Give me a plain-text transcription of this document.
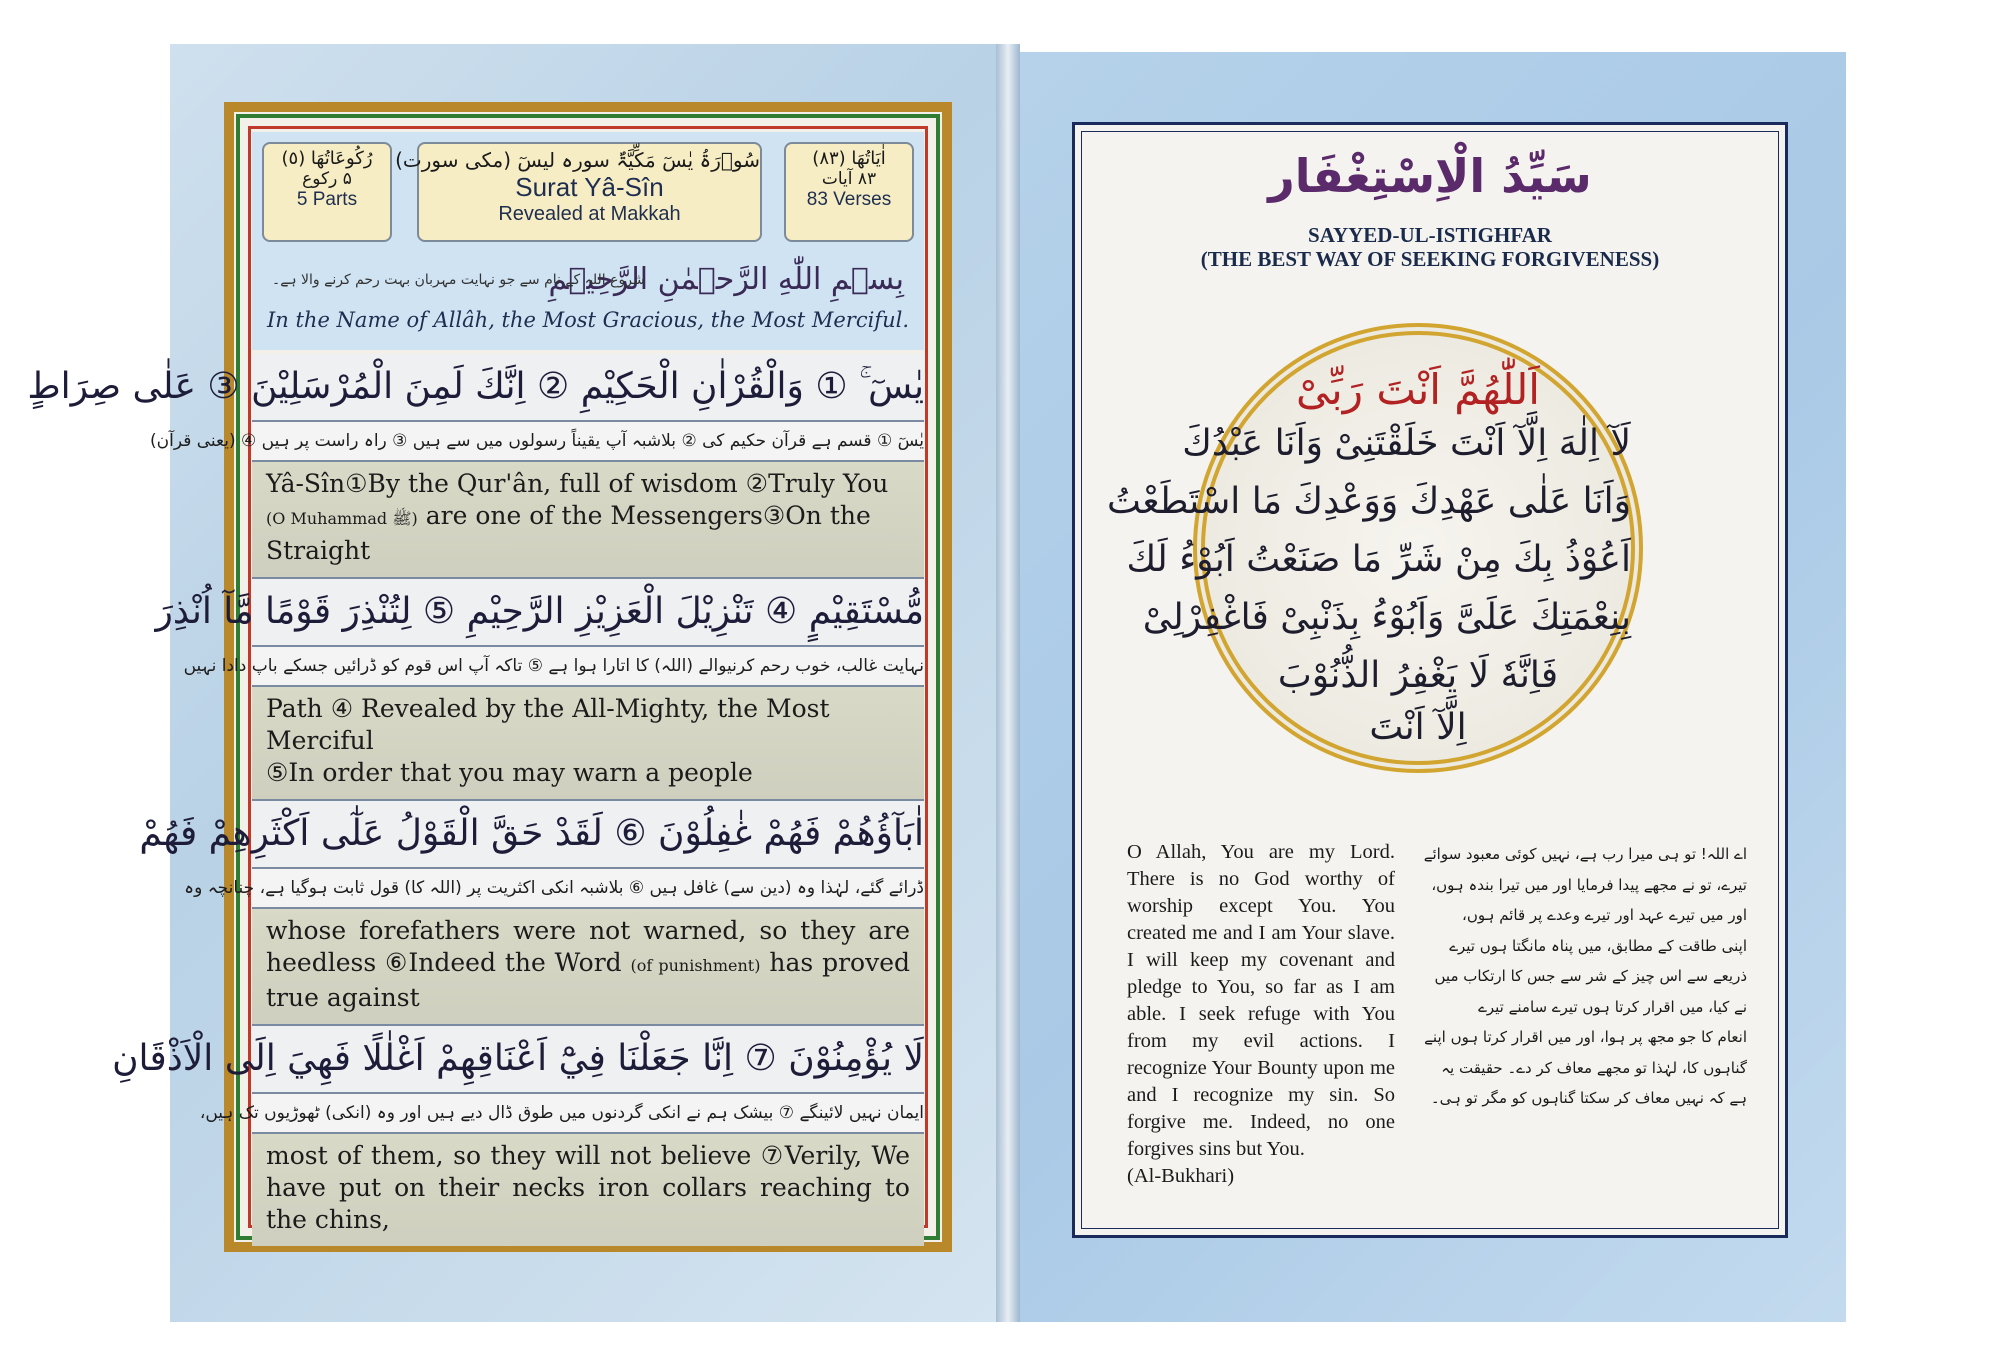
رُكُوعَاتُهَا (٥)
۵ رکوع
5 Parts
سُوۡرَۃُ یٰسٓ مَکِّیَّۃٌ سورہ لیسٓ (مکی سورت)
Surat Yâ-Sîn
Revealed at Makkah
اٰیَاتُهَا (٨٣)
۸۳ آیات
83 Verses
بِسۡمِ اللّٰهِ الرَّحۡمٰنِ الرَّحِيۡمِ
شروع اللہ کے نام سے جو نہایت مہربان بہت رحم کرنے والا ہے۔
In the Name of Allâh, the Most Gracious, the Most Merciful.
يٰسٓ ۚ ① وَالْقُرْاٰنِ الْحَكِيْمِ ② اِنَّكَ لَمِنَ الْمُرْسَلِيْنَ ③ عَلٰى صِرَاطٍ
یٰسٓ ① قسم ہے قرآن حکیم کی ② بلاشبہ آپ یقیناً رسولوں میں سے ہیں ③ راہ راست پر ہیں ④ (یعنی قرآن)
Yâ-Sîn①By the Qur'ân, full of wisdom ②Truly You (O Muhammad ﷺ) are one of the Messengers③On the Straight
مُّسْتَقِيْمٍ ④ تَنْزِيْلَ الْعَزِيْزِ الرَّحِيْمِ ⑤ لِتُنْذِرَ قَوْمًا مَّآ اُنْذِرَ
نہایت غالب، خوب رحم کرنیوالے (اللہ) کا اتارا ہوا ہے ⑤ تاکہ آپ اس قوم کو ڈرائیں جسکے باپ دادا نہیں
Path ④ Revealed by the All-Mighty, the Most Merciful
⑤In order that you may warn a people
اٰبَآؤُهُمْ فَهُمْ غٰفِلُوْنَ ⑥ لَقَدْ حَقَّ الْقَوْلُ عَلٰٓى اَكْثَرِهِمْ فَهُمْ
ڈرائے گئے، لہٰذا وہ (دین سے) غافل ہیں ⑥ بلاشبہ انکی اکثریت پر (اللہ کا) قول ثابت ہوگیا ہے، چنانچہ وہ
whose forefathers were not warned, so they are heedless ⑥Indeed the Word (of punishment) has proved true against
لَا يُؤْمِنُوْنَ ⑦ اِنَّا جَعَلْنَا فِيْٓ اَعْنَاقِهِمْ اَغْلٰلًا فَهِيَ اِلَى الْاَذْقَانِ
ایمان نہیں لائینگے ⑦ بیشک ہم نے انکی گردنوں میں طوق ڈال دیے ہیں اور وہ (انکی) ٹھوڑیوں تک ہیں،
most of them, so they will not believe ⑦Verily, We have put on their necks iron collars reaching to the chins,
سَیِّدُ الْاِسْتِغْفَار
SAYYED-UL-ISTIGHFAR
(THE BEST WAY OF SEEKING FORGIVENESS)
اَللّٰهُمَّ اَنْتَ رَبِّیْ
لَآ اِلٰهَ اِلَّآ اَنْتَ خَلَقْتَنِیْ وَاَنَا عَبْدُكَ
وَاَنَا عَلٰی عَهْدِكَ وَوَعْدِكَ مَا اسْتَطَعْتُ
اَعُوْذُ بِكَ مِنْ شَرِّ مَا صَنَعْتُ اَبُوْءُ لَكَ
بِنِعْمَتِكَ عَلَیَّ وَاَبُوْءُ بِذَنْبِیْ فَاغْفِرْلِیْ
فَاِنَّهٗ لَا یَغْفِرُ الذُّنُوْبَ
اِلَّآ اَنْتَ
O Allah, You are my Lord. There is no God worthy of worship except You. You created me and I am Your slave. I will keep my covenant and pledge to You, so far as I am able. I seek refuge with You from my evil actions. I recognize Your Bounty upon me and I recognize my sin. So forgive me. Indeed, no one forgives sins but You.
(Al-Bukhari)
اے اللہ! تو ہی میرا رب ہے، نہیں کوئی معبود سوائے
تیرے، تو نے مجھے پیدا فرمایا اور میں تیرا بندہ ہوں،
اور میں تیرے عہد اور تیرے وعدے پر قائم ہوں،
اپنی طاقت کے مطابق، میں پناہ مانگتا ہوں تیرے
ذریعے سے اس چیز کے شر سے جس کا ارتکاب میں
نے کیا، میں اقرار کرتا ہوں تیرے سامنے تیرے
انعام کا جو مجھ پر ہوا، اور میں اقرار کرتا ہوں اپنے
گناہوں کا، لہٰذا تو مجھے معاف کر دے۔ حقیقت یہ
ہے کہ نہیں معاف کر سکتا گناہوں کو مگر تو ہی۔
